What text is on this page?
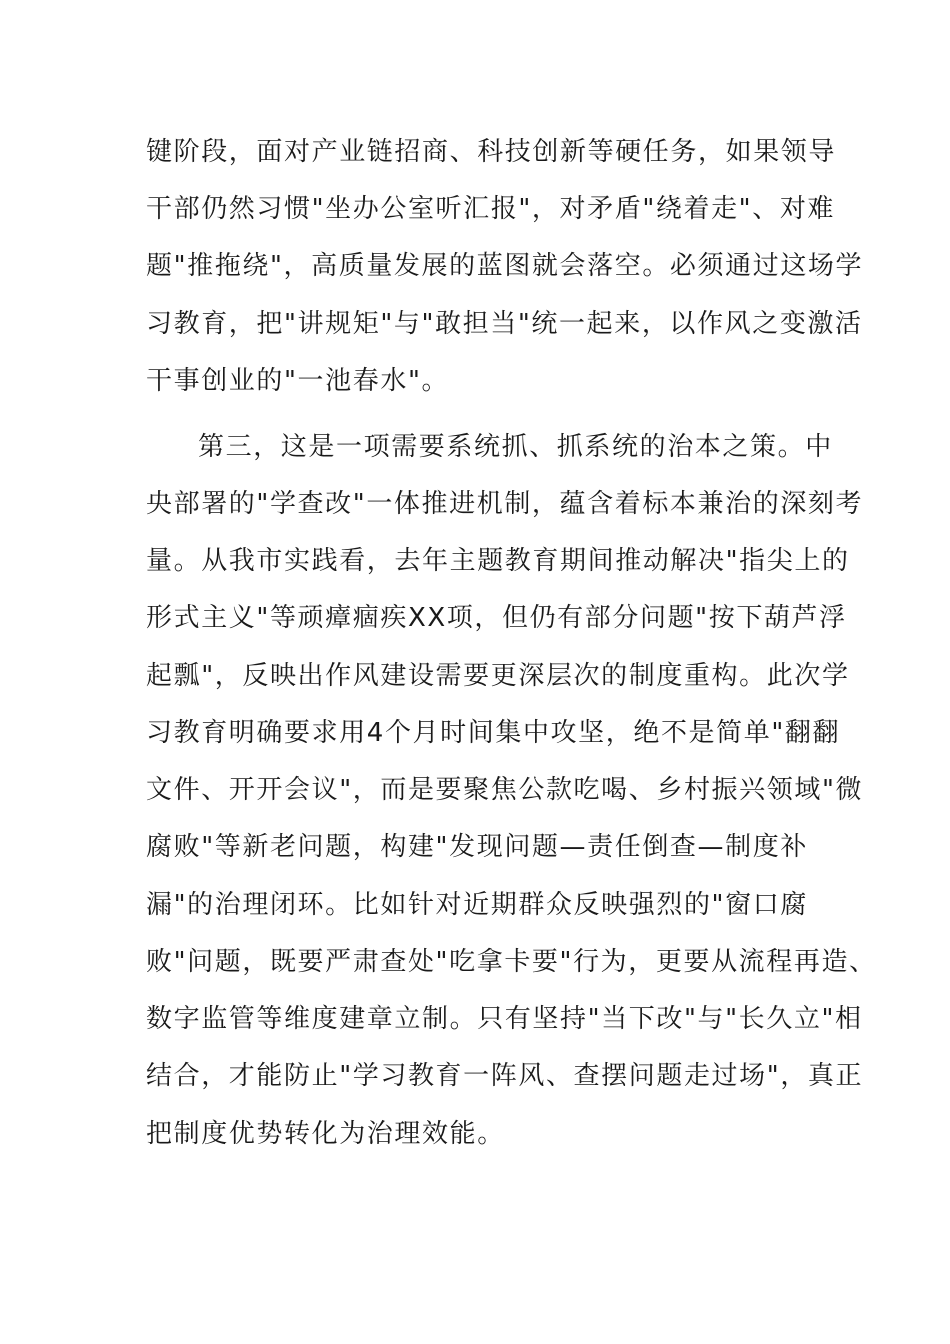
键阶段，面对产业链招商、科技创新等硬任务，如果领导
干部仍然习惯"坐办公室听汇报"，对矛盾"绕着走"、对难
题"推拖绕"，高质量发展的蓝图就会落空。必须通过这场学
习教育，把"讲规矩"与"敢担当"统一起来，以作风之变激活
干事创业的"一池春水"。
第三，这是一项需要系统抓、抓系统的治本之策。中
央部署的"学查改"一体推进机制，蕴含着标本兼治的深刻考
量。从我市实践看，去年主题教育期间推动解决"指尖上的
形式主义"等顽瘴痼疾XX项，但仍有部分问题"按下葫芦浮
起瓢"，反映出作风建设需要更深层次的制度重构。此次学
习教育明确要求用4个月时间集中攻坚，绝不是简单"翻翻
文件、开开会议"，而是要聚焦公款吃喝、乡村振兴领域"微
腐败"等新老问题，构建"发现问题—责任倒查—制度补
漏"的治理闭环。比如针对近期群众反映强烈的"窗口腐
败"问题，既要严肃查处"吃拿卡要"行为，更要从流程再造、
数字监管等维度建章立制。只有坚持"当下改"与"长久立"相
结合，才能防止"学习教育一阵风、查摆问题走过场"，真正
把制度优势转化为治理效能。
